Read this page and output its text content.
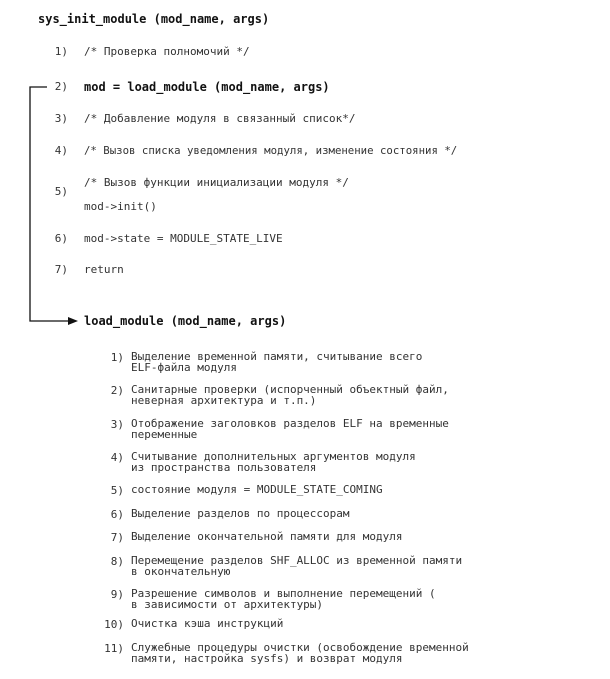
sys_init_module (mod_name, args)
1) /* Проверка полномочий */
2) mod = load_module (mod_name, args)
3) /* Добавление модуля в связанный список*/
4) /* Вызов списка уведомления модуля, изменение состояния */
5)
/* Вызов функции инициализации модуля */
mod->init()
6) mod->state = MODULE_STATE_LIVE
7) return
load_module (mod_name, args)
1) Выделение временной памяти, считывание всего
ELF-файла модуля
2) Санитарные проверки (испорченный объектный файл,
неверная архитектура и т.п.)
3) Отображение заголовков разделов ELF на временные
переменные
4) Считывание дополнительных аргументов модуля
из пространства пользователя
5) состояние модуля = MODULE_STATE_COMING
6) Выделение разделов по процессорам
7) Выделение окончательной памяти для модуля
8) Перемещение разделов SHF_ALLOC из временной памяти
в окончательную
9) Разрешение символов и выполнение перемещений (
в зависимости от архитектуры)
10) Очистка кэша инструкций
11) Служебные процедуры очистки (освобождение временной
памяти, настройка sysfs) и возврат модуля
